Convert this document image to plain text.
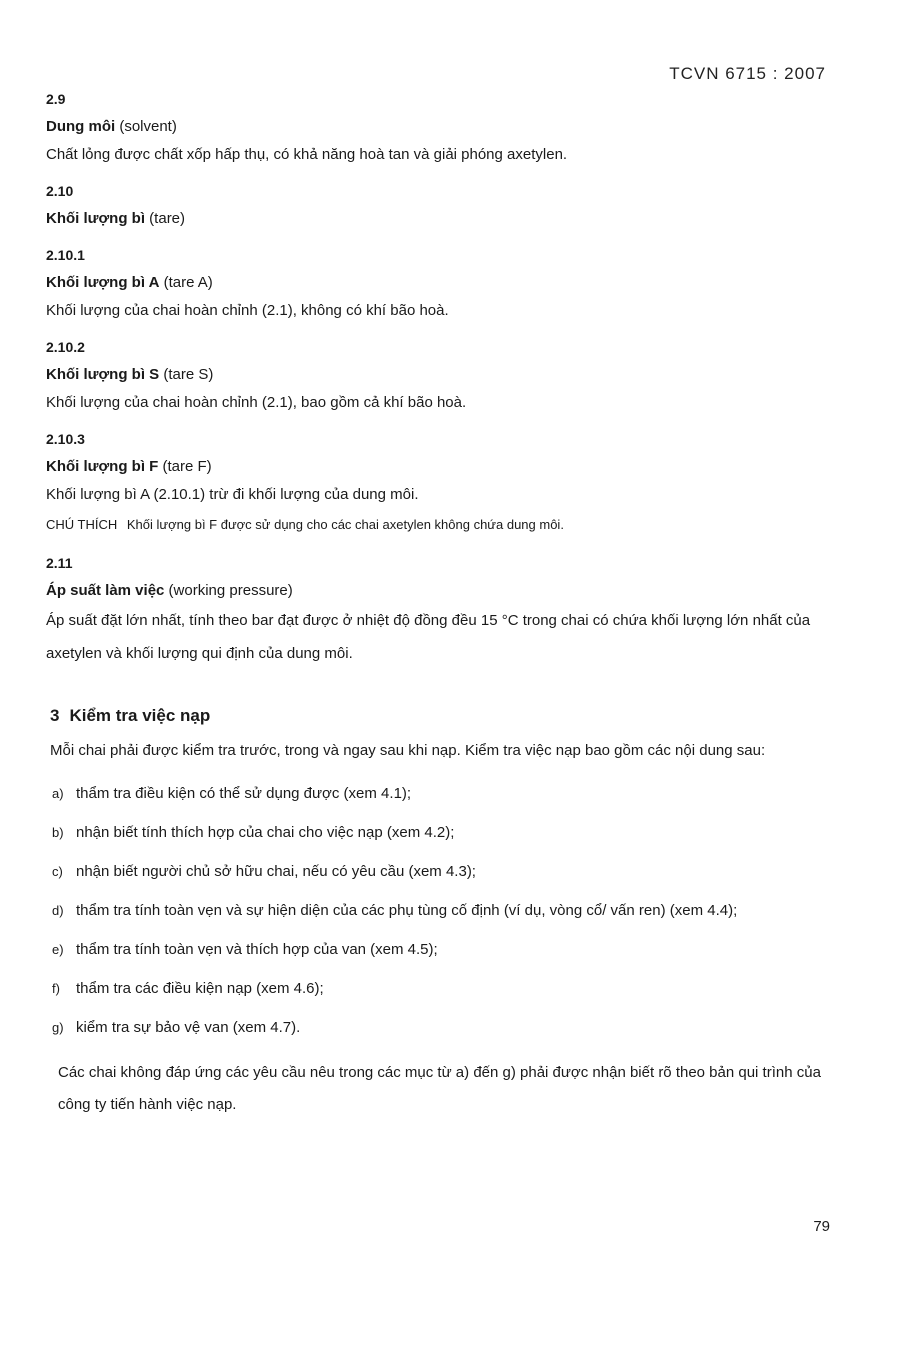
TCVN 6715 : 2007

2.9

Dung môi (solvent)

Chất lỏng được chất xốp hấp thụ, có khả năng hoà tan và giải phóng axetylen.

2.10

Khối lượng bì (tare)

2.10.1

Khối lượng bì A (tare A)

Khối lượng của chai hoàn chỉnh (2.1), không có khí bão hoà.

2.10.2

Khối lượng bì S (tare S)

Khối lượng của chai hoàn chỉnh (2.1), bao gồm cả khí bão hoà.

2.10.3

Khối lượng bì F (tare F)

Khối lượng bì A (2.10.1) trừ đi khối lượng của dung môi.

CHÚ THÍCH Khối lượng bì F được sử dụng cho các chai axetylen không chứa dung môi.

2.11

Áp suất làm việc (working pressure)

Áp suất đặt lớn nhất, tính theo bar đạt được ở nhiệt độ đồng đều 15 °C trong chai có chứa khối lượng lớn nhất của axetylen và khối lượng qui định của dung môi.

3 Kiểm tra việc nạp

Mỗi chai phải được kiểm tra trước, trong và ngay sau khi nạp. Kiểm tra việc nạp bao gồm các nội dung sau:

a) thẩm tra điều kiện có thể sử dụng được (xem 4.1);
b) nhận biết tính thích hợp của chai cho việc nạp (xem 4.2);
c) nhận biết người chủ sở hữu chai, nếu có yêu cầu (xem 4.3);
d) thẩm tra tính toàn vẹn và sự hiện diện của các phụ tùng cố định (ví dụ, vòng cổ/ vấn ren) (xem 4.4);
e) thẩm tra tính toàn vẹn và thích hợp của van (xem 4.5);
f) thẩm tra các điều kiện nạp (xem 4.6);
g) kiểm tra sự bảo vệ van (xem 4.7).

Các chai không đáp ứng các yêu cầu nêu trong các mục từ a) đến g) phải được nhận biết rõ theo bản qui trình của công ty tiến hành việc nạp.

79
